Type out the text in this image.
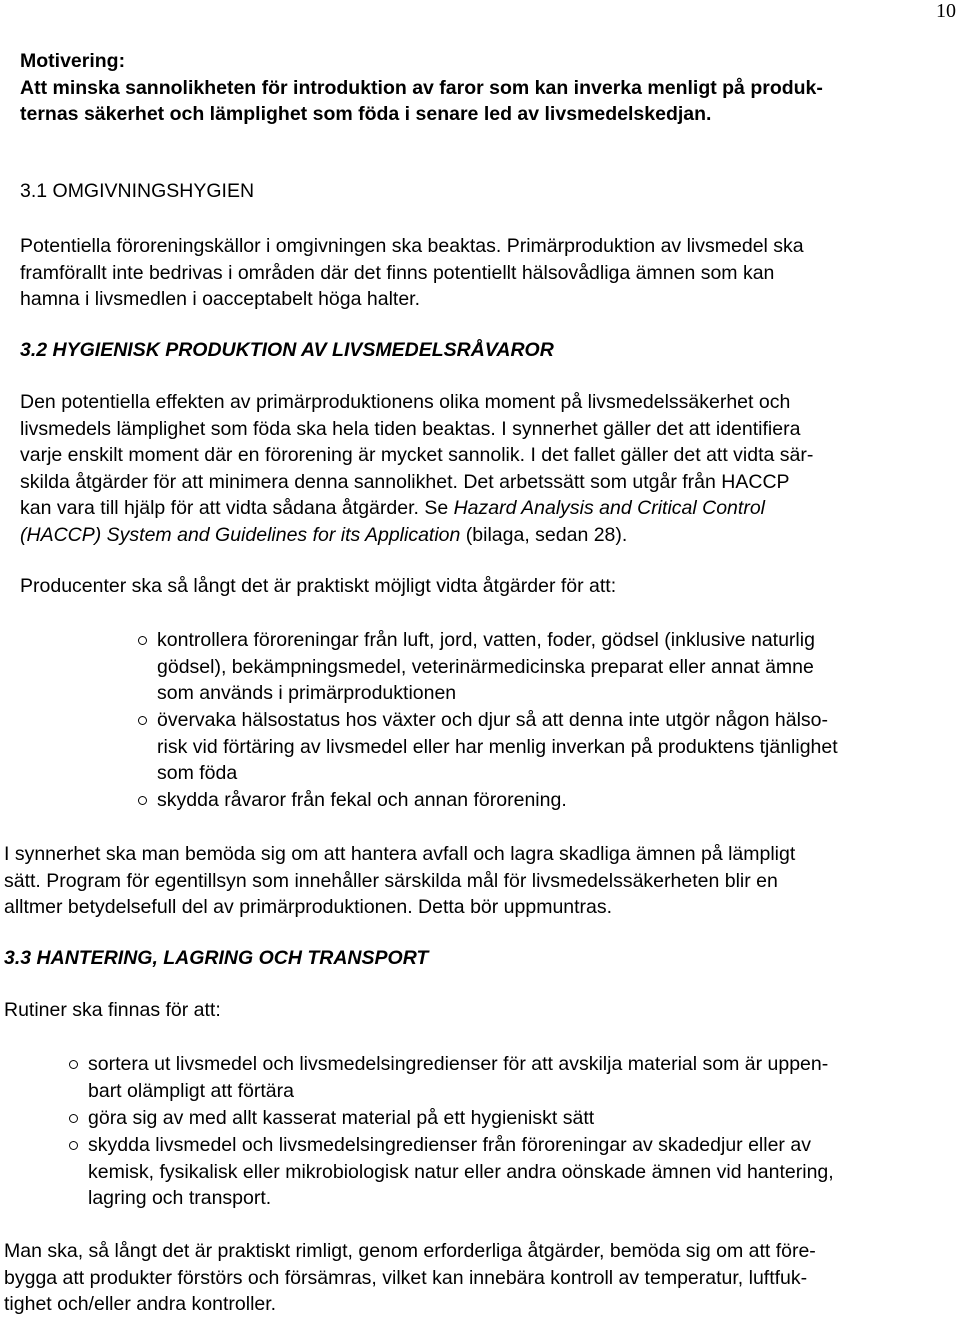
10
Motivering:
Att minska sannolikheten för introduktion av faror som kan inverka menligt på produk-
ternas säkerhet och lämplighet som föda i senare led av livsmedelskedjan.
3.1 OMGIVNINGSHYGIEN
Potentiella föroreningskällor i omgivningen ska beaktas. Primärproduktion av livsmedel ska
framförallt inte bedrivas i områden där det finns potentiellt hälsovådliga ämnen som kan
hamna i livsmedlen i oacceptabelt höga halter.
3.2 HYGIENISK PRODUKTION AV LIVSMEDELSRÅVAROR
Den potentiella effekten av primärproduktionens olika moment på livsmedelssäkerhet och
livsmedels lämplighet som föda ska hela tiden beaktas. I synnerhet gäller det att identifiera
varje enskilt moment där en förorening är mycket sannolik. I det fallet gäller det att vidta sär-
skilda åtgärder för att minimera denna sannolikhet. Det arbetssätt som utgår från HACCP
kan vara till hjälp för att vidta sådana åtgärder. Se Hazard Analysis and Critical Control
(HACCP) System and Guidelines for its Application (bilaga, sedan 28).
Producenter ska så långt det är praktiskt möjligt vidta åtgärder för att:
kontrollera föroreningar från luft, jord, vatten, foder, gödsel (inklusive naturlig
gödsel), bekämpningsmedel, veterinärmedicinska preparat eller annat ämne
som används i primärproduktionen
övervaka hälsostatus hos växter och djur så att denna inte utgör någon hälso-
risk vid förtäring av livsmedel eller har menlig inverkan på produktens tjänlighet
som föda
skydda råvaror från fekal och annan förorening.
I synnerhet ska man bemöda sig om att hantera avfall och lagra skadliga ämnen på lämpligt
sätt. Program för egentillsyn som innehåller särskilda mål för livsmedelssäkerheten blir en
alltmer betydelsefull del av primärproduktionen. Detta bör uppmuntras.
3.3 HANTERING, LAGRING OCH TRANSPORT
Rutiner ska finnas för att:
sortera ut livsmedel och livsmedelsingredienser för att avskilja material som är uppen-
bart olämpligt att förtära
göra sig av med allt kasserat material på ett hygieniskt sätt
skydda livsmedel och livsmedelsingredienser från föroreningar av skadedjur eller av
kemisk, fysikalisk eller mikrobiologisk natur eller andra oönskade ämnen vid hantering,
lagring och transport.
Man ska, så långt det är praktiskt rimligt, genom erforderliga åtgärder, bemöda sig om att före-
bygga att produkter förstörs och försämras, vilket kan innebära kontroll av temperatur, luftfuk-
tighet och/eller andra kontroller.
